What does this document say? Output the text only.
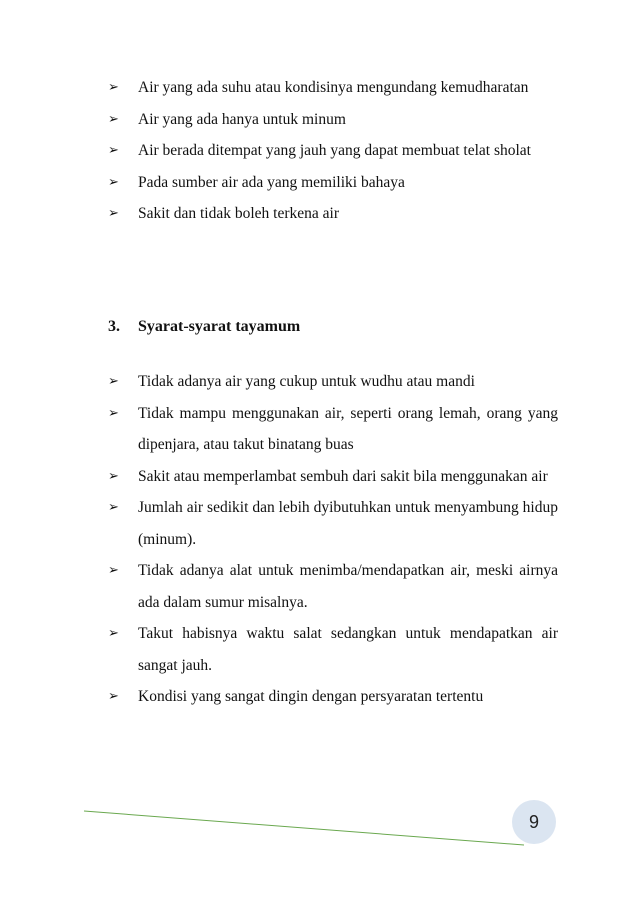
➢	Air yang ada suhu atau kondisinya mengundang kemudharatan
➢	Air yang ada hanya untuk minum
➢	Air berada ditempat yang jauh yang dapat membuat telat sholat
➢	Pada sumber air ada yang memiliki bahaya
➢	Sakit dan tidak boleh terkena air
3. Syarat-syarat tayamum
➢	Tidak adanya air yang cukup untuk wudhu atau mandi
➢	Tidak mampu menggunakan air, seperti orang lemah, orang yang dipenjara, atau takut binatang buas
➢	Sakit atau memperlambat sembuh dari sakit bila menggunakan air
➢	Jumlah air sedikit dan lebih dyibutuhkan untuk menyambung hidup (minum).
➢	Tidak adanya alat untuk menimba/mendapatkan air, meski airnya ada dalam sumur misalnya.
➢	Takut habisnya waktu salat sedangkan untuk mendapatkan air sangat jauh.
➢	Kondisi yang sangat dingin dengan persyaratan tertentu
9
